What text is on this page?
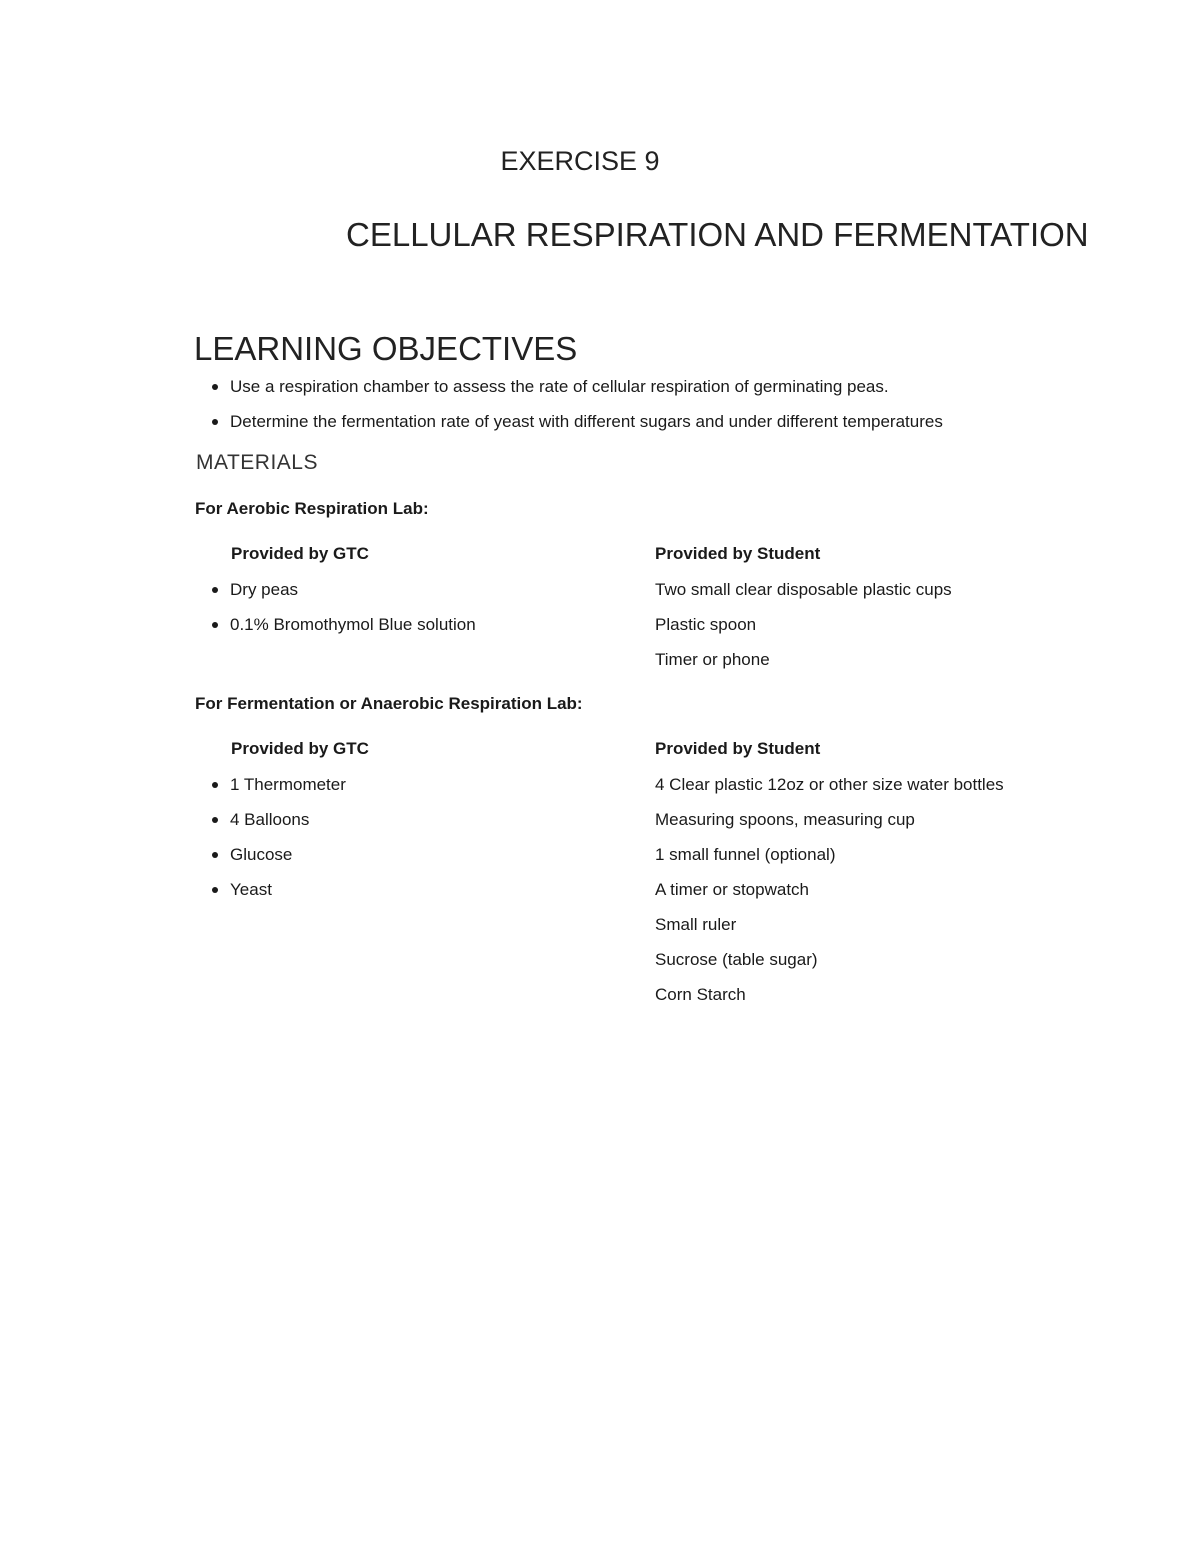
EXERCISE 9
CELLULAR RESPIRATION AND FERMENTATION
LEARNING OBJECTIVES
Use a respiration chamber to assess the rate of cellular respiration of germinating peas.
Determine the fermentation rate of yeast with different sugars and under different temperatures
MATERIALS
For Aerobic Respiration Lab:
Provided by GTC	Provided by Student
Dry peas
0.1% Bromothymol Blue solution
Two small clear disposable plastic cups
Plastic spoon
Timer or phone
For Fermentation or Anaerobic Respiration Lab:
Provided by GTC	Provided by Student
1 Thermometer
4 Balloons
Glucose
Yeast
4 Clear plastic 12oz or other size water bottles
Measuring spoons, measuring cup
1 small funnel (optional)
A timer or stopwatch
Small ruler
Sucrose (table sugar)
Corn Starch
